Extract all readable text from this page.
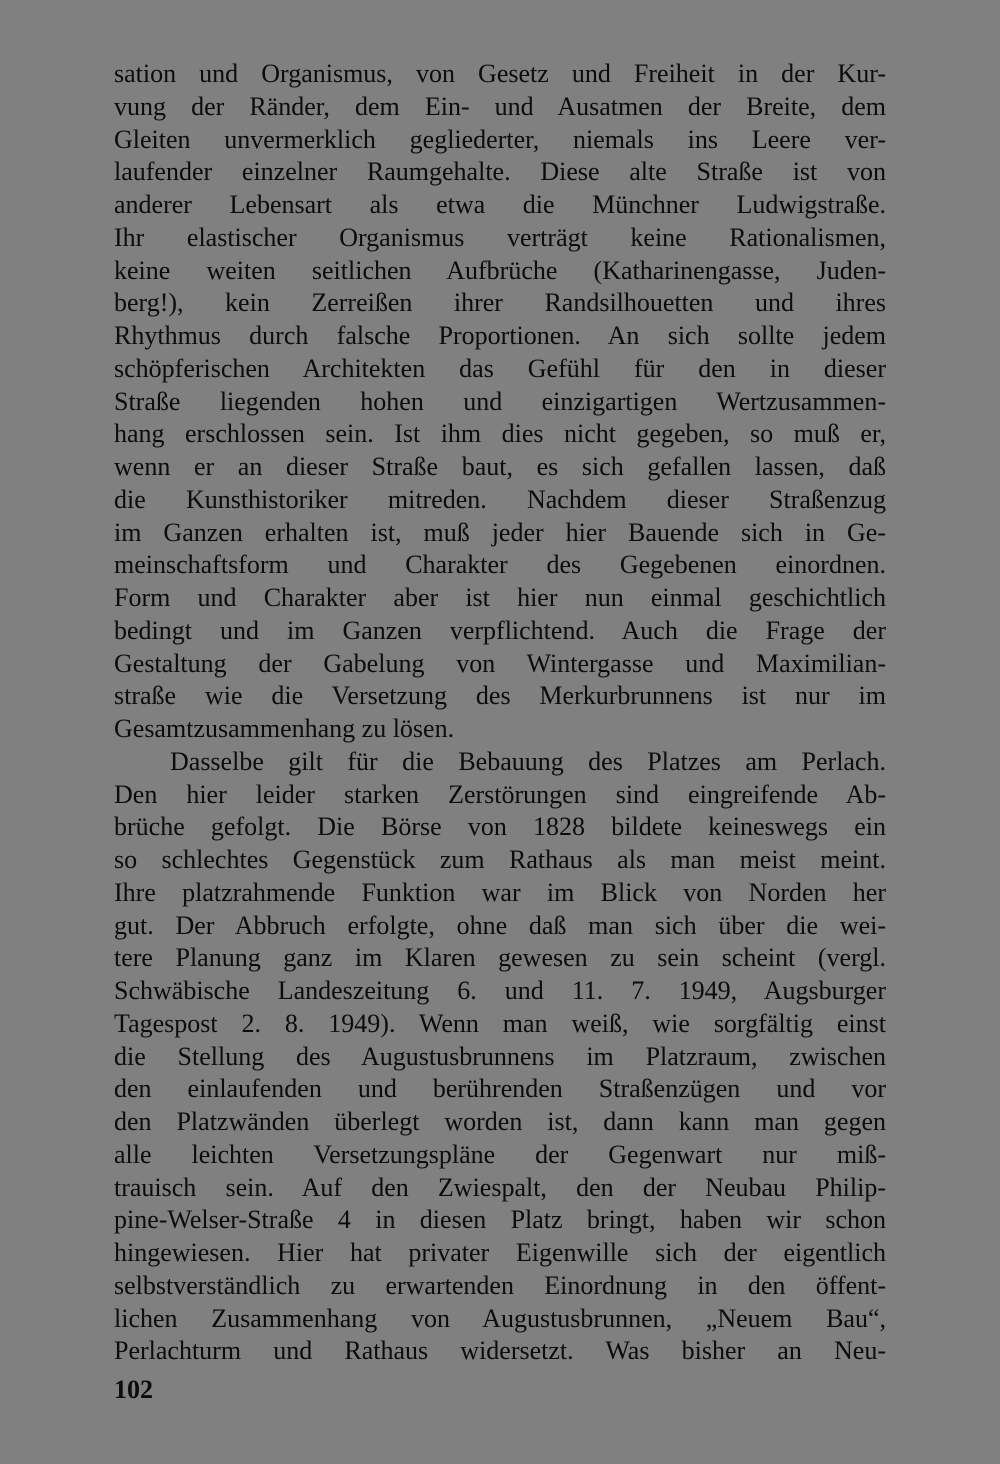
sation und Organismus, von Gesetz und Freiheit in der Kur-
vung der Ränder, dem Ein- und Ausatmen der Breite, dem
Gleiten unvermerklich gegliederter, niemals ins Leere ver-
laufender einzelner Raumgehalte. Diese alte Straße ist von
anderer Lebensart als etwa die Münchner Ludwigstraße.
Ihr elastischer Organismus verträgt keine Rationalismen,
keine weiten seitlichen Aufbrüche (Katharinengasse, Juden-
berg!), kein Zerreißen ihrer Randsilhouetten und ihres
Rhythmus durch falsche Proportionen. An sich sollte jedem
schöpferischen Architekten das Gefühl für den in dieser
Straße liegenden hohen und einzigartigen Wertzusammen-
hang erschlossen sein. Ist ihm dies nicht gegeben, so muß er,
wenn er an dieser Straße baut, es sich gefallen lassen, daß
die Kunsthistoriker mitreden. Nachdem dieser Straßenzug
im Ganzen erhalten ist, muß jeder hier Bauende sich in Ge-
meinschaftsform und Charakter des Gegebenen einordnen.
Form und Charakter aber ist hier nun einmal geschichtlich
bedingt und im Ganzen verpflichtend. Auch die Frage der
Gestaltung der Gabelung von Wintergasse und Maximilian-
straße wie die Versetzung des Merkurbrunnens ist nur im
Gesamtzusammenhang zu lösen.
Dasselbe gilt für die Bebauung des Platzes am Perlach.
Den hier leider starken Zerstörungen sind eingreifende Ab-
brüche gefolgt. Die Börse von 1828 bildete keineswegs ein
so schlechtes Gegenstück zum Rathaus als man meist meint.
Ihre platzrahmende Funktion war im Blick von Norden her
gut. Der Abbruch erfolgte, ohne daß man sich über die wei-
tere Planung ganz im Klaren gewesen zu sein scheint (vergl.
Schwäbische Landeszeitung 6. und 11. 7. 1949, Augsburger
Tagespost 2. 8. 1949). Wenn man weiß, wie sorgfältig einst
die Stellung des Augustusbrunnens im Platzraum, zwischen
den einlaufenden und berührenden Straßenzügen und vor
den Platzwänden überlegt worden ist, dann kann man gegen
alle leichten Versetzungspläne der Gegenwart nur miß-
trauisch sein. Auf den Zwiespalt, den der Neubau Philip-
pine-Welser-Straße 4 in diesen Platz bringt, haben wir schon
hingewiesen. Hier hat privater Eigenwille sich der eigentlich
selbstverständlich zu erwartenden Einordnung in den öffent-
lichen Zusammenhang von Augustusbrunnen, „Neuem Bau“,
Perlachturm und Rathaus widersetzt. Was bisher an Neu-
102
